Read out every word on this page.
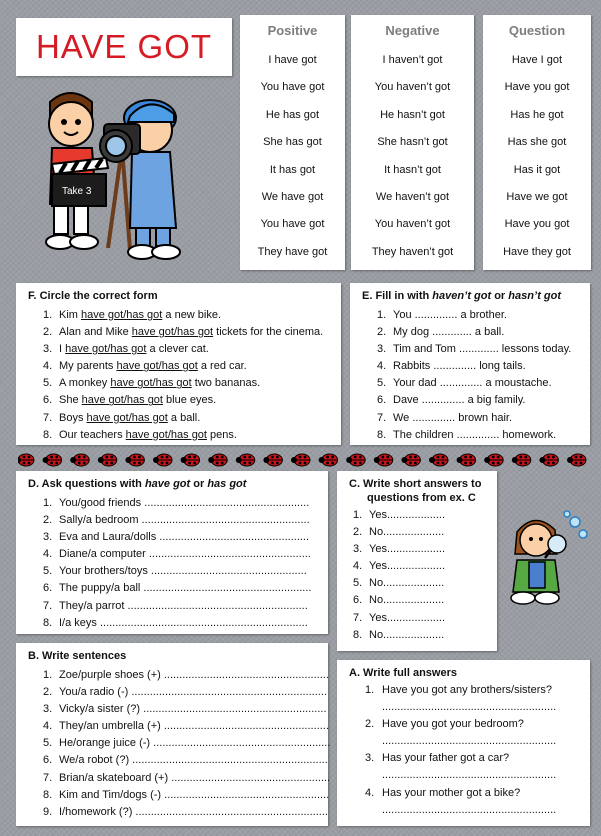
HAVE GOT
Take 3
Positive
I have got
You have got
He has got
She has got
It has got
We have got
You have got
They have got
Negative
I haven’t got
You haven’t got
He hasn’t got
She hasn’t got
It hasn’t got
We haven’t got
You haven’t got
They haven’t got
Question
Have I got
Have you got
Has he got
Has she got
Has it got
Have we got
Have you got
Have they got
F. Circle the correct form
1. Kim have got/has got a new bike.
2. Alan and Mike have got/has got tickets for the cinema.
3. I have got/has got a clever cat.
4. My parents have got/has got a red car.
5. A monkey have got/has got two bananas.
6. She have got/has got blue eyes.
7. Boys have got/has got a ball.
8. Our teachers have got/has got pens.
E. Fill in with haven’t got or hasn’t got
1. You .............. a brother.
2. My dog ............. a ball.
3. Tim and Tom ............. lessons today.
4. Rabbits .............. long tails.
5. Your dad .............. a moustache.
6. Dave .............. a big family.
7. We .............. brown hair.
8. The children .............. homework.
D. Ask questions with have got or has got
1. You/good friends ......................................................
2. Sally/a bedroom .......................................................
3. Eva and Laura/dolls .................................................
4. Diane/a computer .....................................................
5. Your brothers/toys ...................................................
6. The puppy/a ball .......................................................
7. They/a parrot ...........................................................
8. I/a keys ....................................................................
C. Write short answers to
questions from ex. C
1. Yes...................
2. No....................
3. Yes...................
4. Yes...................
5. No....................
6. No....................
7. Yes...................
8. No....................
B. Write sentences
1. Zoe/purple shoes (+) ......................................................
2. You/a radio (-) ................................................................
3. Vicky/a sister (?) ............................................................
4. They/an umbrella (+) ......................................................
5. He/orange juice (-) ..........................................................
6. We/a robot (?) ................................................................
7. Brian/a skateboard (+) ....................................................
8. Kim and Tim/dogs (-) ......................................................
9. I/homework (?) ...............................................................
A. Write full answers
1. Have you got any brothers/sisters?
.........................................................
2. Have you got your bedroom?
.........................................................
3. Has your father got a car?
.........................................................
4. Has your mother got a bike?
.........................................................
